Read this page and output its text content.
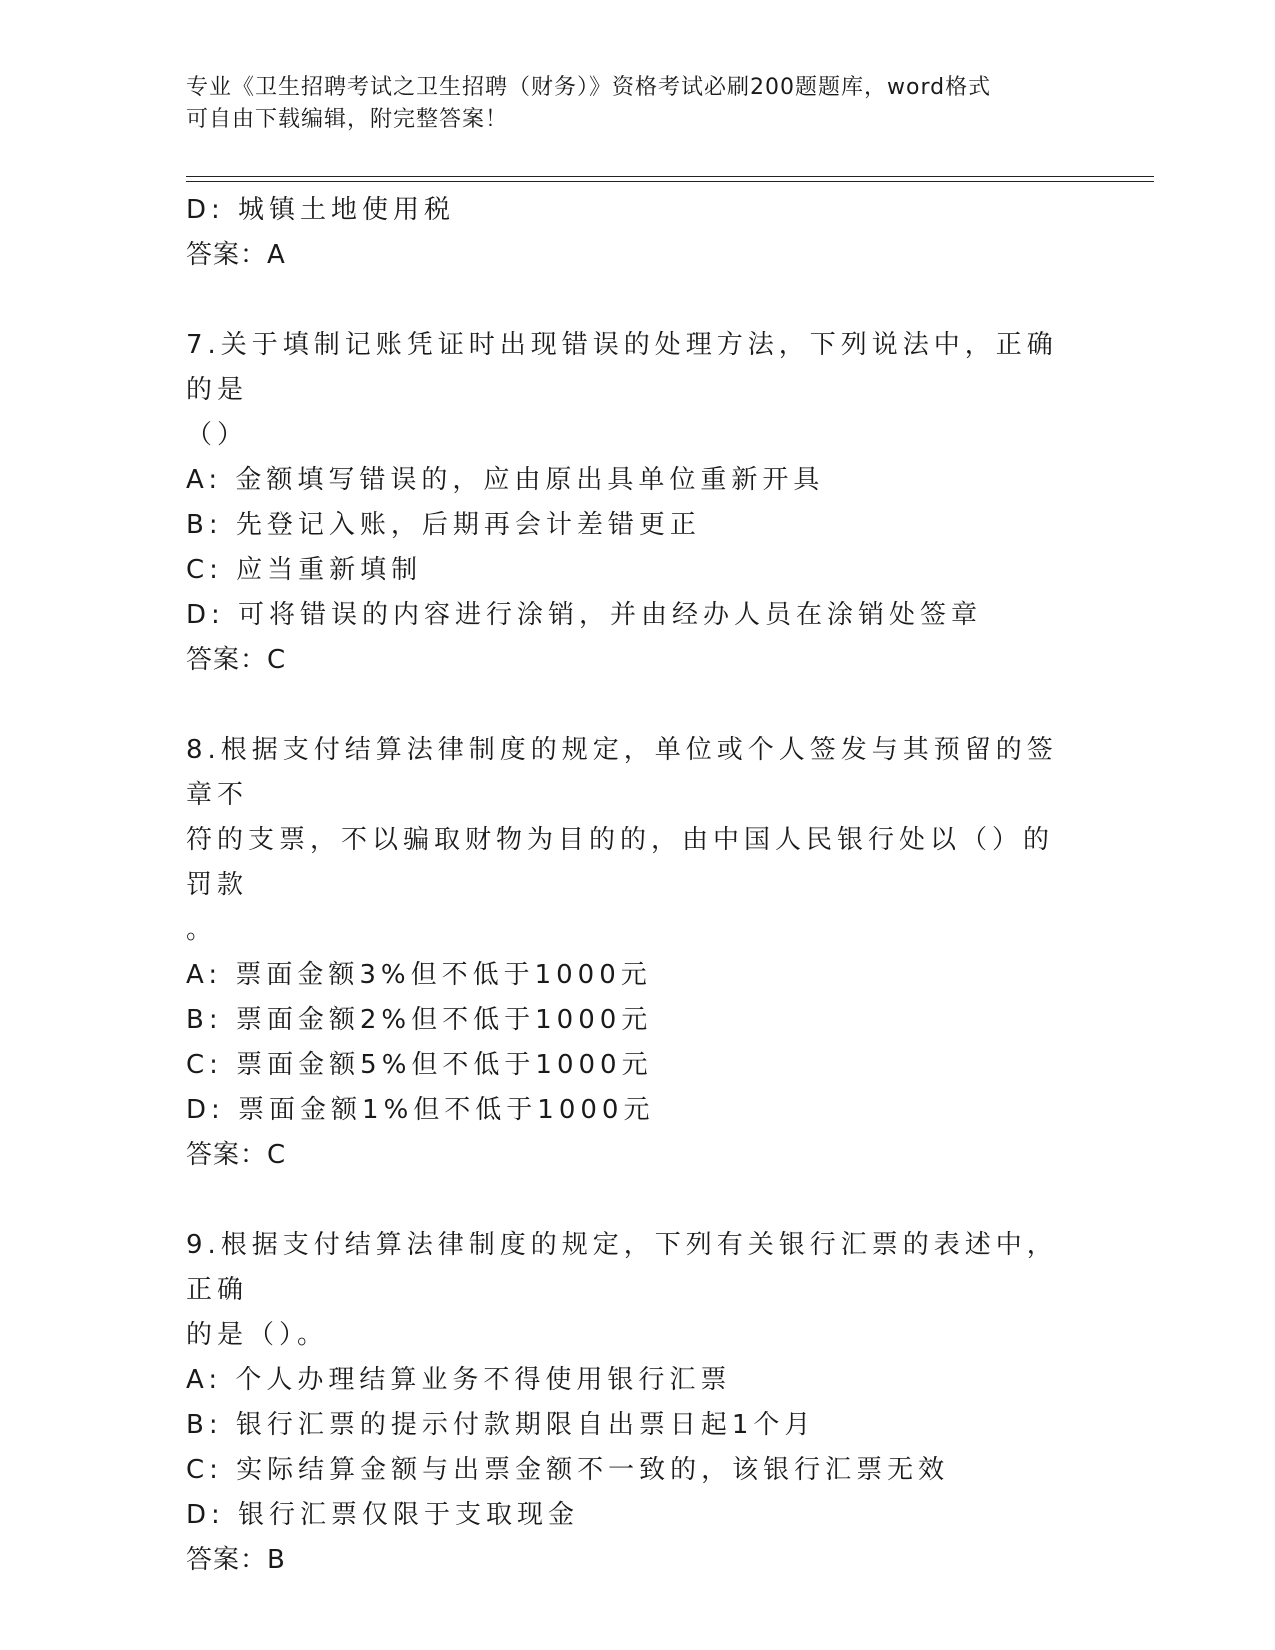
专业《卫生招聘考试之卫生招聘（财务）》资格考试必刷200题题库，word格式
可自由下载编辑，附完整答案！
D: 城镇土地使用税
答案：A
7.关于填制记账凭证时出现错误的处理方法，下列说法中，正确的是
（）
A: 金额填写错误的，应由原出具单位重新开具
B: 先登记入账，后期再会计差错更正
C: 应当重新填制
D: 可将错误的内容进行涂销，并由经办人员在涂销处签章
答案：C
8.根据支付结算法律制度的规定，单位或个人签发与其预留的签章不
符的支票，不以骗取财物为目的的，由中国人民银行处以（）的罚款
。
A: 票面金额3%但不低于1000元
B: 票面金额2%但不低于1000元
C: 票面金额5%但不低于1000元
D: 票面金额1%但不低于1000元
答案：C
9.根据支付结算法律制度的规定，下列有关银行汇票的表述中，正确
的是（）。
A: 个人办理结算业务不得使用银行汇票
B: 银行汇票的提示付款期限自出票日起1个月
C: 实际结算金额与出票金额不一致的，该银行汇票无效
D: 银行汇票仅限于支取现金
答案：B
